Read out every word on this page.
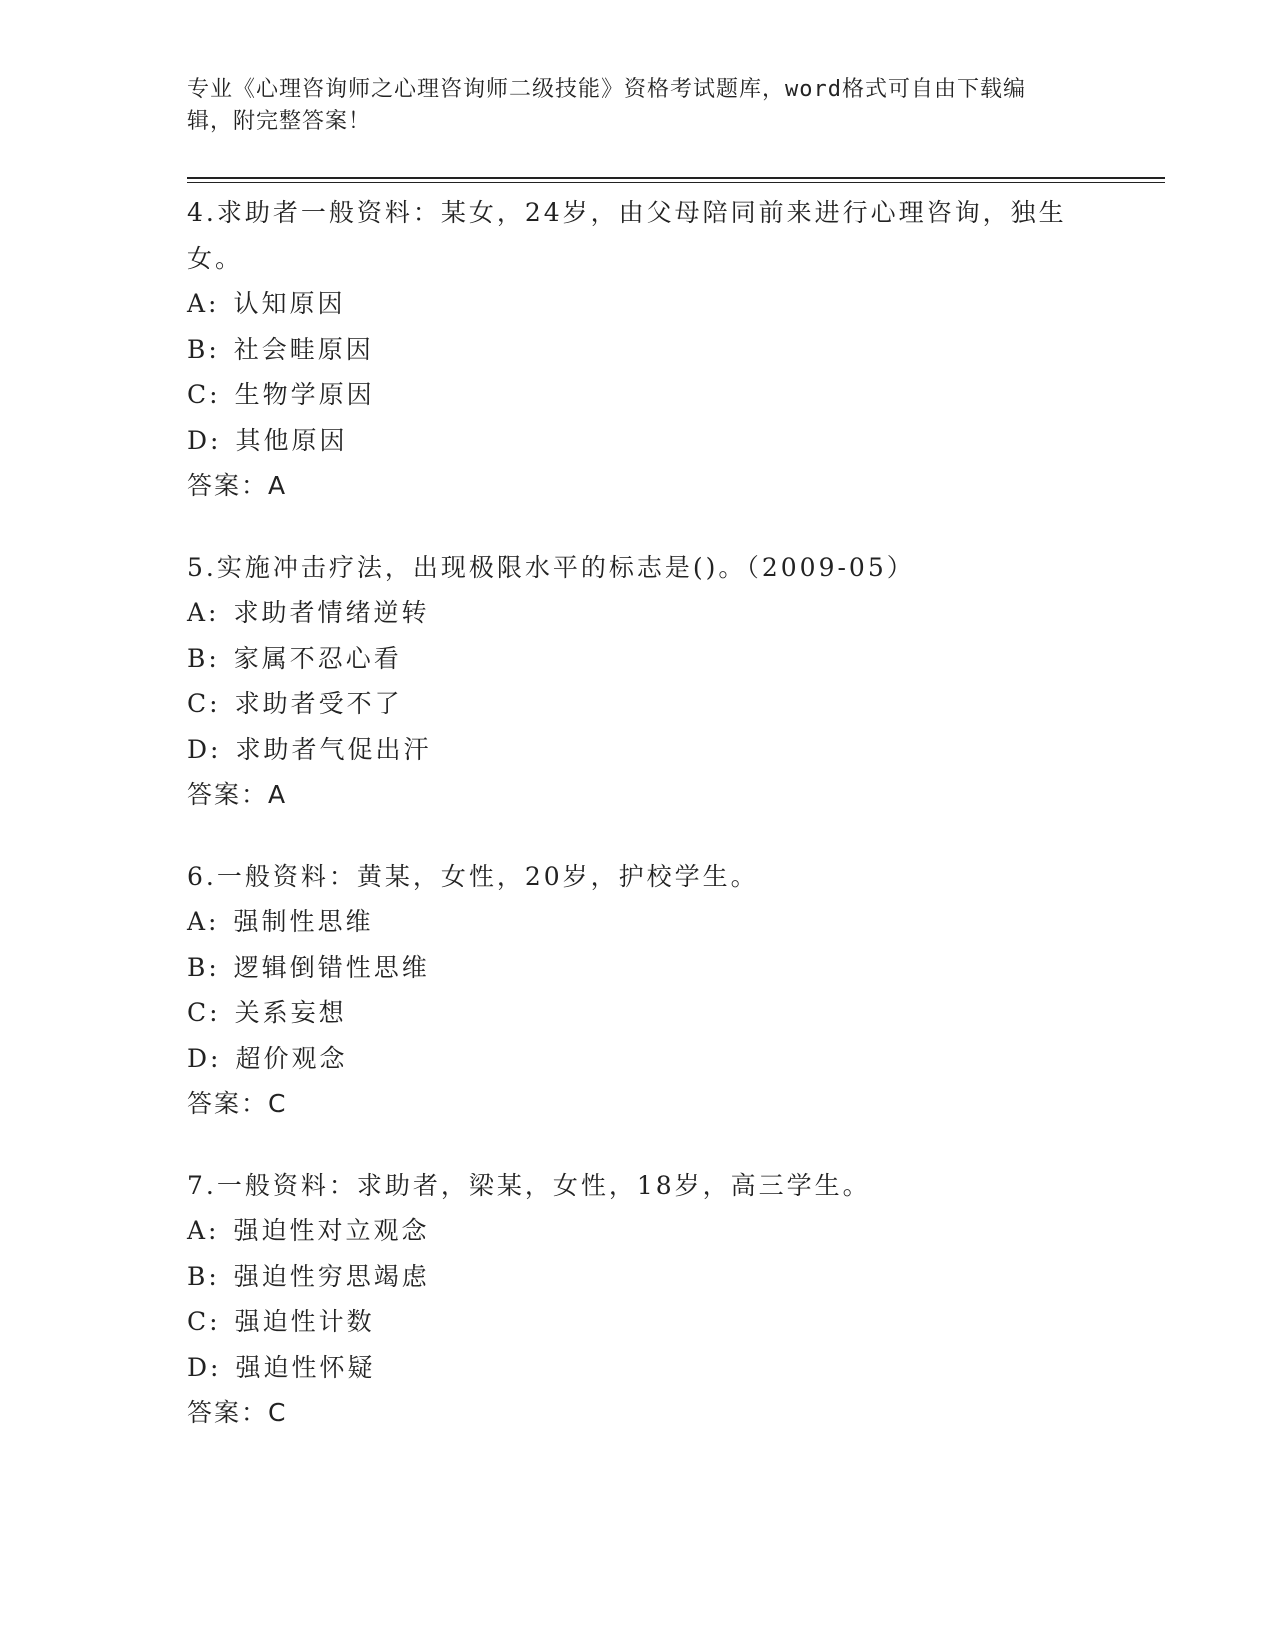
专业《心理咨询师之心理咨询师二级技能》资格考试题库，word格式可自由下载编辑，附完整答案！

4.求助者一般资料：某女，24岁，由父母陪同前来进行心理咨询，独生女。

A: 认知原因

B: 社会畦原因

C: 生物学原因

D: 其他原因

答案：A

5.实施冲击疗法，出现极限水平的标志是()。（2009-05）

A: 求助者情绪逆转

B: 家属不忍心看

C: 求助者受不了

D: 求助者气促出汗

答案：A

6.一般资料：黄某，女性，20岁，护校学生。

A: 强制性思维

B: 逻辑倒错性思维

C: 关系妄想

D: 超价观念

答案：C

7.一般资料：求助者，梁某，女性，18岁，高三学生。

A: 强迫性对立观念

B: 强迫性穷思竭虑

C: 强迫性计数

D: 强迫性怀疑

答案：C
